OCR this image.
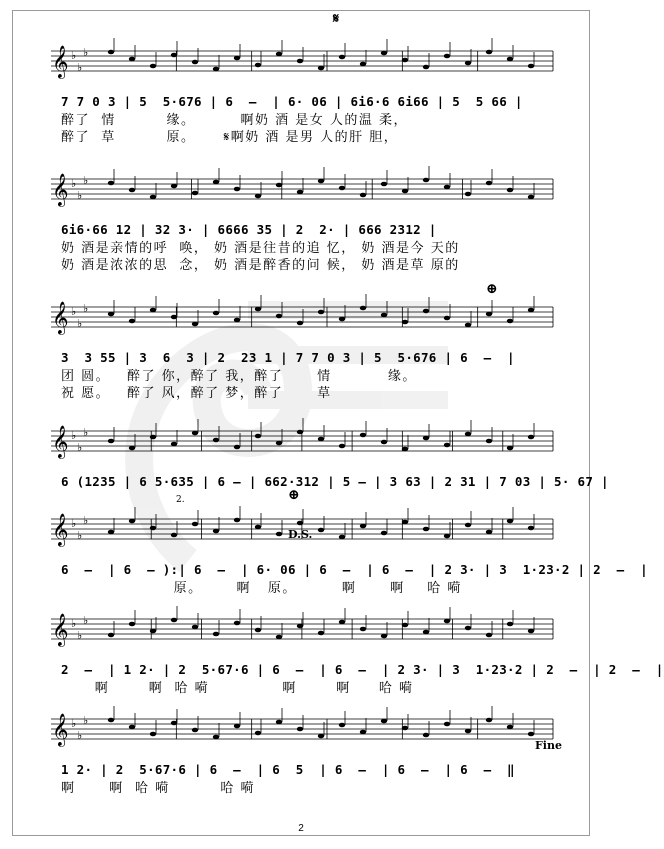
𝄞 ♭
♭
♭
7 7 0 3 | 5  5·676 | 6  –  | 6· 06 | 6i6·6 6i66 | 5  5 66 |
醉了  情         缘。        啊奶 酒 是女 人的温 柔，
醉了  草         原。     𝄋啊奶 酒 是男 人的肝 胆，
𝄞 ♭
♭
♭
6i6·66 12 | 32 3· | 6666 35 | 2  2· | 666 2312 |
奶 酒是亲情的呼  唤， 奶 酒是往昔的追 忆， 奶 酒是今 天的
奶 酒是浓浓的思  念， 奶 酒是醉香的问 候， 奶 酒是草 原的
𝄞 ♭
♭
♭
3  3 55 | 3  6  3 | 2  23 1 | 7 7 0 3 | 5  5·676 | 6  –  |
团 圆。   醉了 你，醉了 我，醉了      情          缘。
祝 愿。   醉了 风，醉了 梦，醉了      草
𝄞 ♭
♭
♭
6 (1235 | 6 5·635 | 6 – | 662·312 | 5 – | 3 63 | 2 31 | 7 03 | 5· 67 |
𝄞 ♭
♭
♭
6  –  | 6  – ):| 6  –  | 6· 06 | 6  –  | 6  –  | 2 3· | 3  1·23·2 | 2  –  |
原。      啊   原。        啊      啊    哈 嗬
𝄞 ♭
♭
♭
2  –  | 1 2· | 2  5·67·6 | 6  –  | 6  –  | 2 3· | 3  1·23·2 | 2  –  | 2  –  |
啊       啊  哈 嗬             啊       啊     哈 嗬
𝄞 ♭
♭
♭
1 2· | 2  5·67·6 | 6  –  | 6  5  | 6  –  | 6  –  | 6  –  ‖
啊      啊  哈 嗬         哈 嗬
𝄋
⊕
⊕
D.S.
Fine
2.
2
